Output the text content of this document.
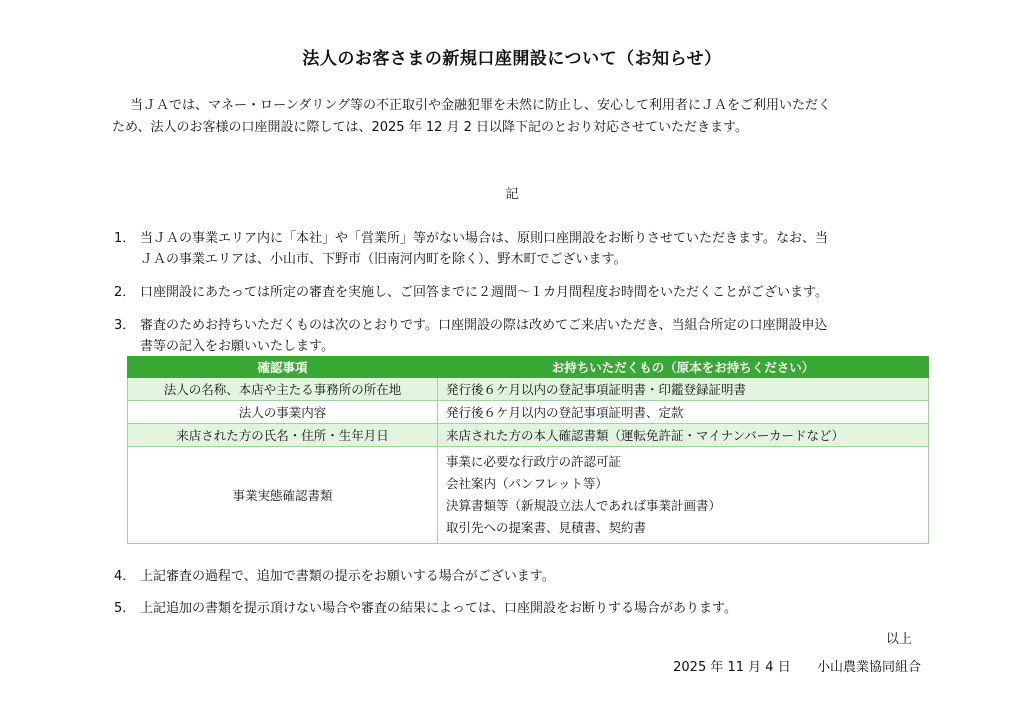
法人のお客さまの新規口座開設について（お知らせ）
当ＪＡでは、マネー・ローンダリング等の不正取引や金融犯罪を未然に防止し、安心して利用者にＪＡをご利用いただく
ため、法人のお客様の口座開設に際しては、2025 年 12 月 2 日以降下記のとおり対応させていただきます。
記
1． 当ＪＡの事業エリア内に「本社」や「営業所」等がない場合は、原則口座開設をお断りさせていただきます。なお、当
ＪＡの事業エリアは、小山市、下野市（旧南河内町を除く）、野木町でございます。
2． 口座開設にあたっては所定の審査を実施し、ご回答までに２週間～１カ月間程度お時間をいただくことがございます。
3． 審査のためお持ちいただくものは次のとおりです。口座開設の際は改めてご来店いただき、当組合所定の口座開設申込
書等の記入をお願いいたします。
確認事項	お持ちいただくもの（原本をお持ちください）
法人の名称、本店や主たる事務所の所在地	発行後６ケ月以内の登記事項証明書・印鑑登録証明書
法人の事業内容	発行後６ケ月以内の登記事項証明書、定款
来店された方の氏名・住所・生年月日	来店された方の本人確認書類（運転免許証・マイナンバーカードなど）
事業実態確認書類	事業に必要な行政庁の許認可証
会社案内（パンフレット等）
決算書類等（新規設立法人であれば事業計画書）
取引先への提案書、見積書、契約書
4． 上記審査の過程で、追加で書類の提示をお願いする場合がございます。
5． 上記追加の書類を提示頂けない場合や審査の結果によっては、口座開設をお断りする場合があります。
以上
2025 年 11 月 4 日 小山農業協同組合
